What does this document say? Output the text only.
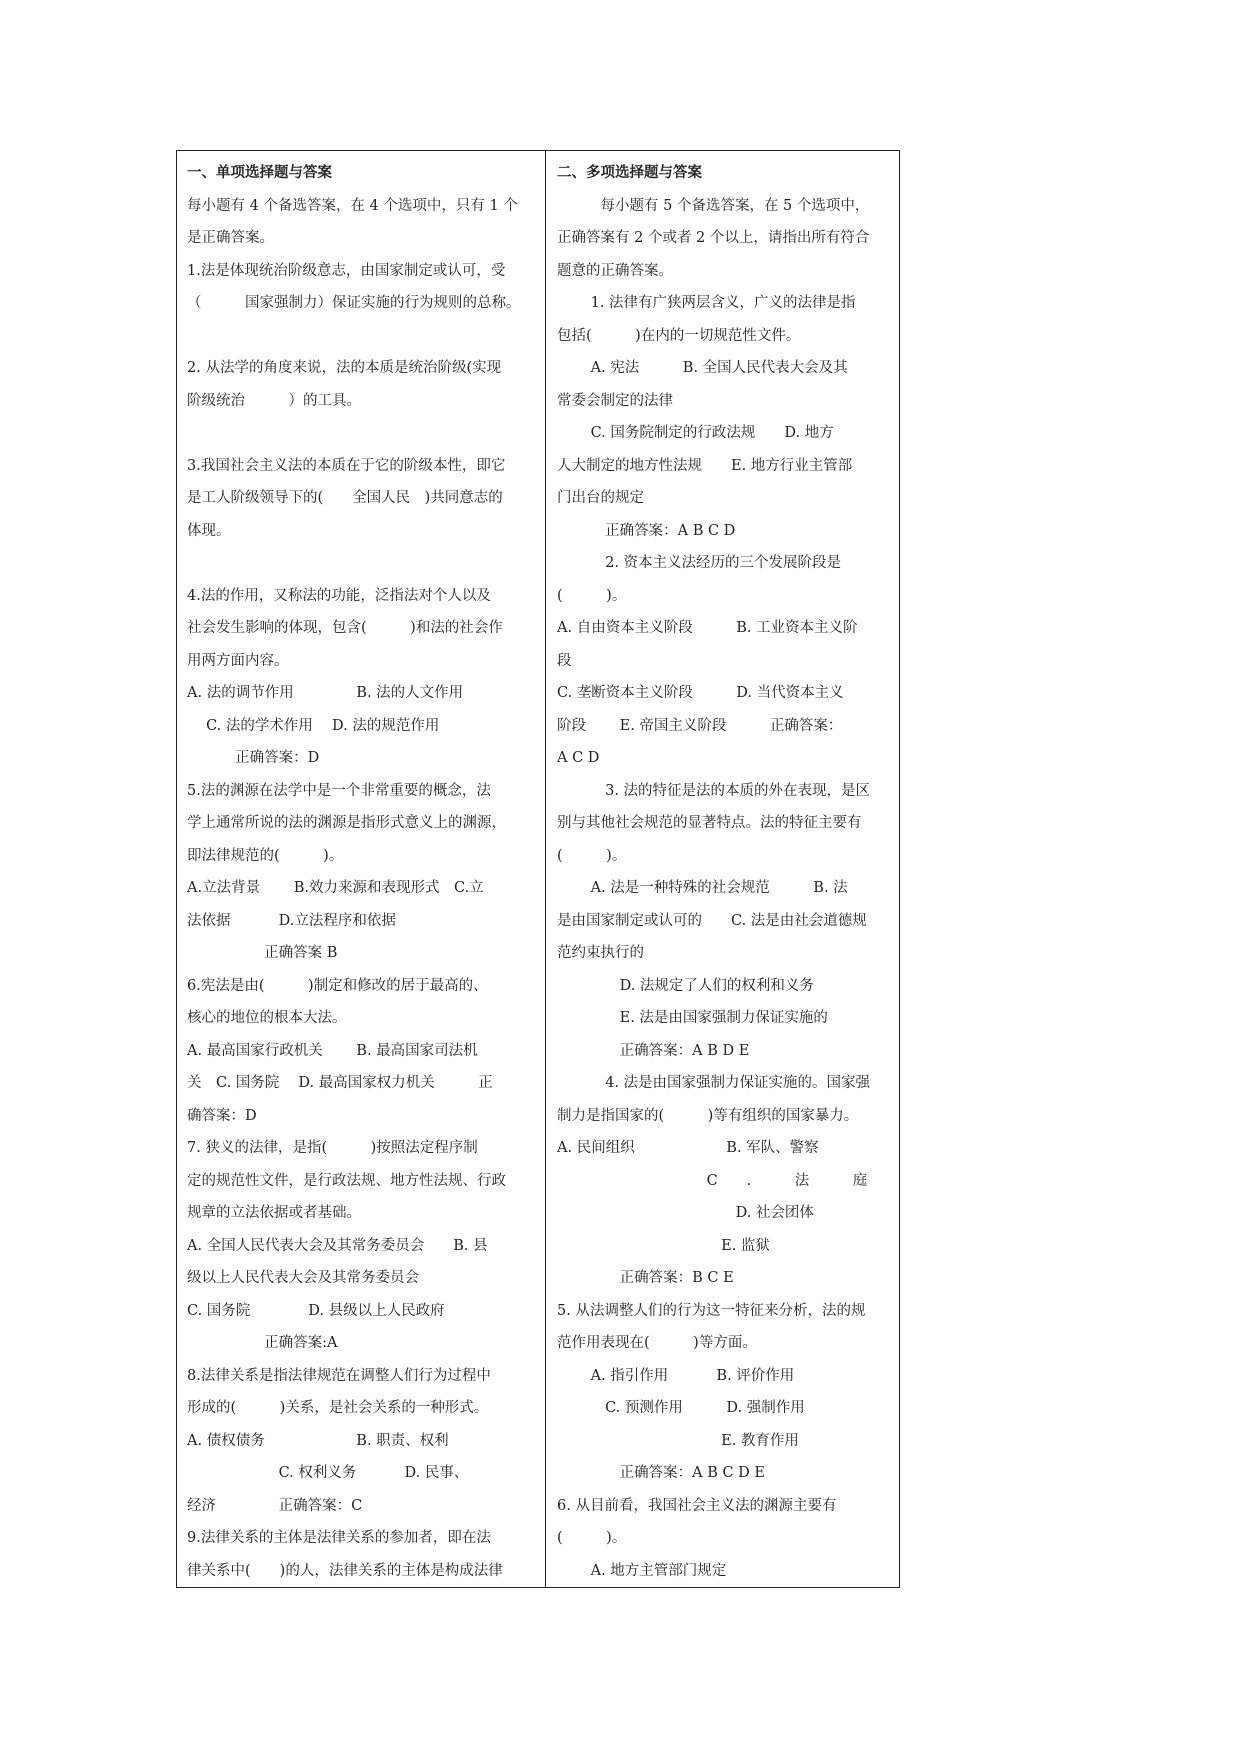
一、单项选择题与答案
每小题有 4 个备选答案，在 4 个选项中，只有 1 个
是正确答案。
1.法是体现统治阶级意志，由国家制定或认可，受
（　　　国家强制力）保证实施的行为规则的总称。
2. 从法学的角度来说，法的本质是统治阶级(实现
阶级统治　　　）的工具。
3.我国社会主义法的本质在于它的阶级本性，即它
是工人阶级领导下的(　　全国人民　)共同意志的
体现。
4.法的作用，又称法的功能，泛指法对个人以及
社会发生影响的体现，包含(　　　)和法的社会作
用两方面内容。
A. 法的调节作用　　　　 B. 法的人文作用
　 C. 法的学术作用　 D. 法的规范作用
　　　 正确答案：D
5.法的渊源在法学中是一个非常重要的概念，法
学上通常所说的法的渊源是指形式意义上的渊源，
即法律规范的(　　　)。
A.立法背景　　 B.效力来源和表现形式　C.立
法依据　　　 D.立法程序和依据
　　　　　 正确答案 B
6.宪法是由(　　　)制定和修改的居于最高的、
核心的地位的根本大法。
A. 最高国家行政机关　　 B. 最高国家司法机
关　C. 国务院　 D. 最高国家权力机关　　　正
确答案：D
7. 狭义的法律，是指(　　　)按照法定程序制
定的规范性文件，是行政法规、地方性法规、行政
规章的立法依据或者基础。
A. 全国人民代表大会及其常务委员会　　B. 县
级以上人民代表大会及其常务委员会
C. 国务院　　　　D. 县级以上人民政府
　　　　　 正确答案:A
8.法律关系是指法律规范在调整人们行为过程中
形成的(　　　)关系，是社会关系的一种形式。
A. 债权债务　　　　　　 B. 职责、权利
　　　　　　 C. 权利义务　　　 D. 民事、
经济　　　　 正确答案：C
9.法律关系的主体是法律关系的参加者，即在法
律关系中(　　)的人，法律关系的主体是构成法律
二、多项选择题与答案
　　　每小题有 5 个备选答案，在 5 个选项中，
正确答案有 2 个或者 2 个以上，请指出所有符合
题意的正确答案。
　　 1. 法律有广狭两层含义，广义的法律是指
包括(　　　)在内的一切规范性文件。
　　 A. 宪法　　　B. 全国人民代表大会及其
常委会制定的法律
　　 C. 国务院制定的行政法规　　D. 地方
人大制定的地方性法规　　E. 地方行业主管部
门出台的规定
　　　 正确答案：A B C D
　　　 2. 资本主义法经历的三个发展阶段是
(　　　)。
A. 自由资本主义阶段　　　B. 工业资本主义阶
段
C. 垄断资本主义阶段　　　D. 当代资本主义
阶段　　 E. 帝国主义阶段　　　正确答案：
A C D
　　　 3. 法的特征是法的本质的外在表现，是区
别与其他社会规范的显著特点。法的特征主要有
(　　　)。
　　 A. 法是一种特殊的社会规范　　　B. 法
是由国家制定或认可的　　C. 法是由社会道德规
范约束执行的
　　　　 D. 法规定了人们的权利和义务
　　　　 E. 法是由国家强制力保证实施的
　　　　 正确答案：A B D E
　　　 4. 法是由国家强制力保证实施的。国家强
制力是指国家的(　　　)等有组织的国家暴力。
A. 民间组织　　　　　　 B. 军队、警察
　　　　　　　　　　 C　　.　　　法　　　庭
　　　　　　　　　　　　 D. 社会团体
　　　　　　　　　　　 E. 监狱
　　　　 正确答案：B C E
5. 从法调整人们的行为这一特征来分析，法的规
范作用表现在(　　　)等方面。
　　 A. 指引作用　　　 B. 评价作用
　　　 C. 预测作用　　　D. 强制作用
　　　　　　　　　　　 E. 教育作用
　　　　 正确答案：A B C D E
6. 从目前看，我国社会主义法的渊源主要有
(　　　)。
　　 A. 地方主管部门规定
